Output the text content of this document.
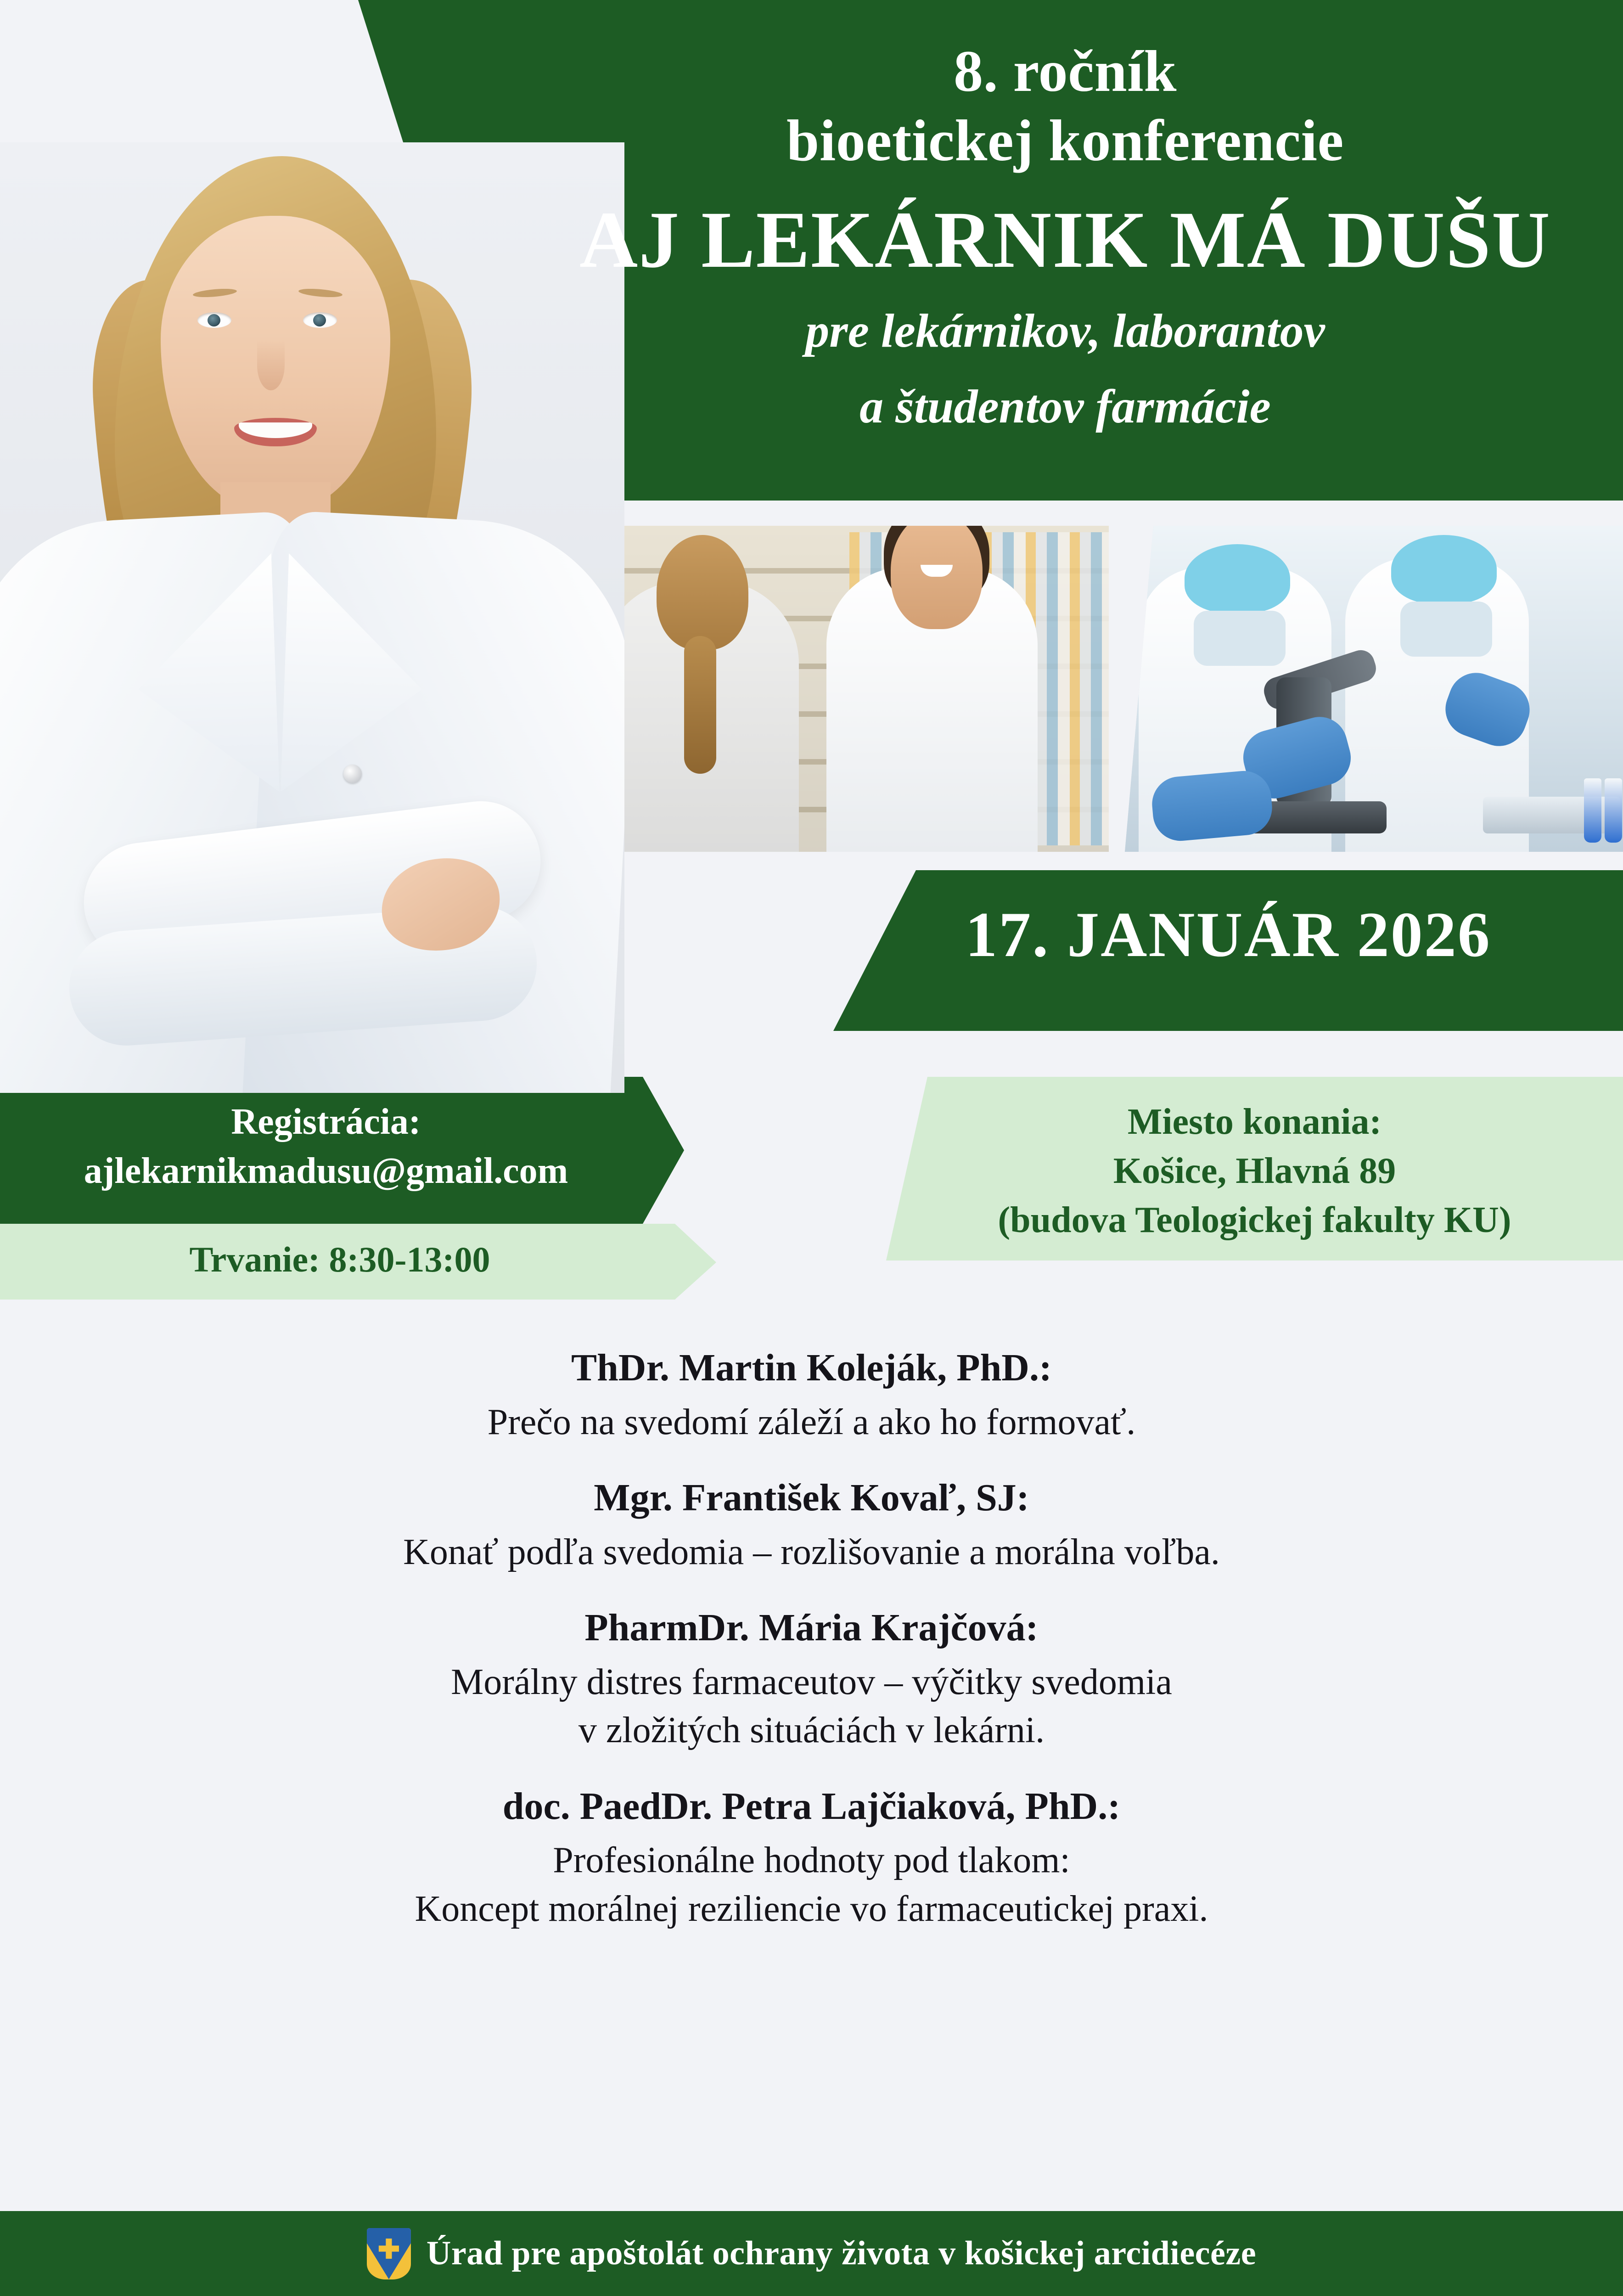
8. ročník
bioetickej konferencie
AJ LEKÁRNIK MÁ DUŠU
pre lekárnikov, laborantov
a študentov farmácie
17. JANUÁR 2026
Registrácia:
ajlekarnikmadusu@gmail.com
Trvanie: 8:30-13:00
Miesto konania:
Košice, Hlavná 89
(budova Teologickej fakulty KU)
ThDr. Martin Koleják, PhD.:
Prečo na svedomí záleží a ako ho formovať.
Mgr. František Kovaľ, SJ:
Konať podľa svedomia – rozlišovanie a morálna voľba.
PharmDr. Mária Krajčová:
Morálny distres farmaceutov – výčitky svedomia
v zložitých situáciách v lekárni.
doc. PaedDr. Petra Lajčiaková, PhD.:
Profesionálne hodnoty pod tlakom:
Koncept morálnej reziliencie vo farmaceutickej praxi.
✚ Úrad pre apoštolát ochrany života v košickej arcidiecéze
